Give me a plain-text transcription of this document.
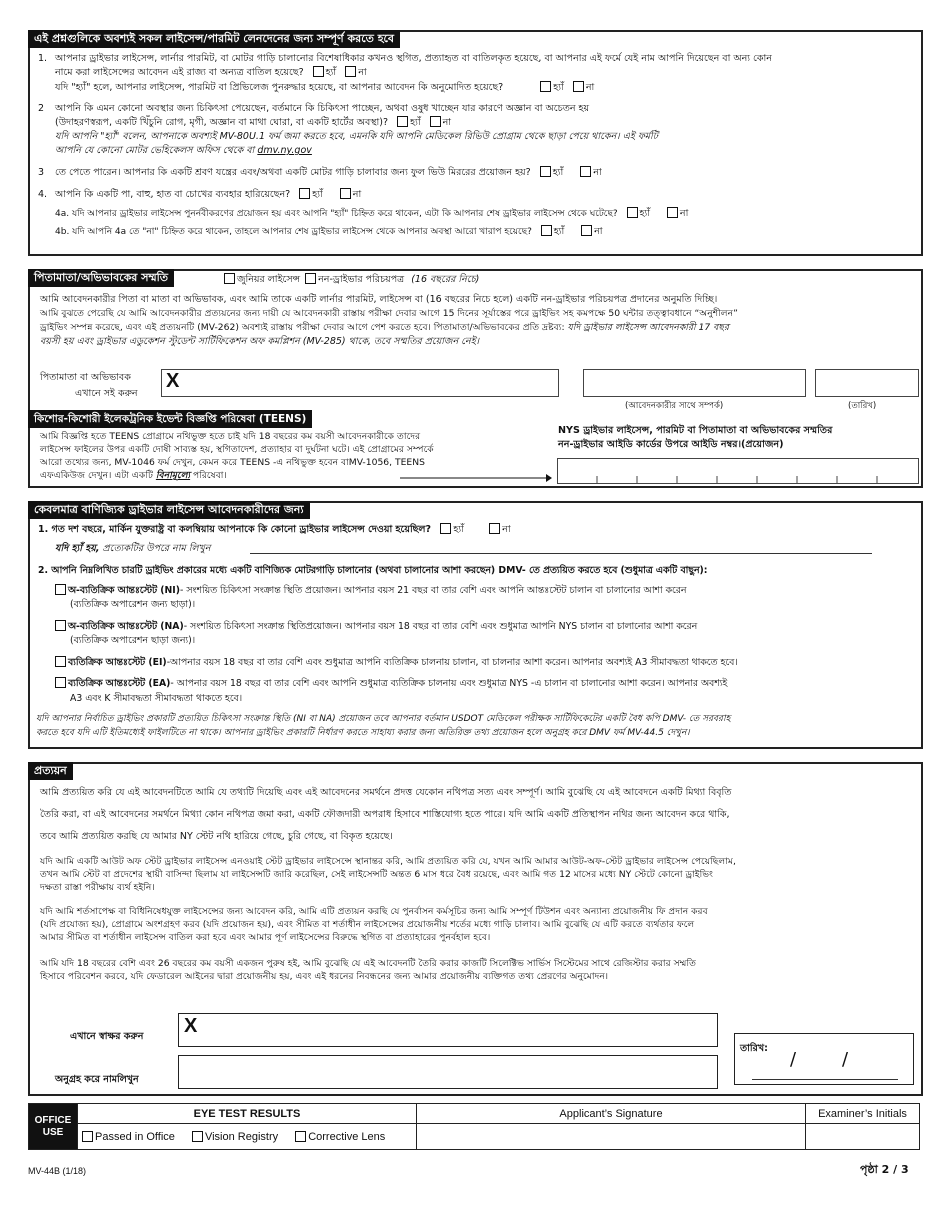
এই প্রশ্নগুলিকে অবশ্যই সকল লাইসেন্স/পারমিট লেনদেনের জন্য সম্পূর্ণ করতে হবে
1. আপনার ড্রাইভার লাইসেন্স, লার্নার পারমিট, বা মোটর গাড়ি চালানোর বিশেষাধিকার কখনও স্থগিত, প্রত্যাহৃত বা বাতিলকৃত হয়েছে, বা আপনার এই ফর্মে যেই নাম আপনি দিয়েছেন বা অন্য কোন
নামে করা লাইসেন্সের আবেদন এই রাজ্য বা অন্যত্র বাতিল হয়েছে? হ্যাঁ না
যদি "হ্যাঁ" হলে, আপনার লাইসেন্স, পারমিট বা প্রিভিলেজ পুনরুদ্ধার হয়েছে, বা আপনার আবেদন কি অনুমোদিত হয়েছে?	হ্যাঁ না
2 আপনি কি এমন কোনো অবস্থার জন্য চিকিৎসা পেয়েছেন, বর্তমানে কি চিকিৎসা পাচ্ছেন, অথবা ওষুধ খাচ্ছেন যার কারণে অজ্ঞান বা অচেতন হয়
(উদাহরণস্বরূপ, একটি খিঁচুনি রোগ, মৃগী, অজ্ঞান বা মাথা ঘোরা, বা একটি হার্টের অবস্থা)? হ্যাঁ না
যদি আপনি "হ্যাঁ" বলেন, আপনাকে অবশ্যই MV-80U.1 ফর্ম জমা করতে হবে, এমনকি যদি আপনি মেডিকেল রিভিউ প্রোগ্রাম থেকে ছাড়া পেয়ে থাকেন। এই ফর্মটি
আপনি যে কোনো মোটর ভেহিকেলস অফিস থেকে বা dmv.ny.gov
3 তে পেতে পারেন। আপনার কি একটি শ্রবণ যন্ত্রের এবং/অথবা একটি মোটর গাড়ি চালাবার জন্য ফুল ভিউ মিররের প্রয়োজন হয়? হ্যাঁ	না
4. আপনি কি একটি পা, বাহু, হাত বা চোখের ব্যবহার হারিয়েছেন? হ্যাঁ	না
4a. যদি আপনার ড্রাইভার লাইসেন্স পুনর্নবীকরণের প্রয়োজন হয় এবং আপনি "হ্যাঁ" চিহ্নিত করে থাকেন, এটা কি আপনার শেষ ড্রাইভার লাইসেন্স থেকে ঘটেছে? হ্যাঁ	না
4b. যদি আপনি 4a তে "না" চিহ্নিত করে থাকেন, তাহলে আপনার শেষ ড্রাইভার লাইসেন্স থেকে আপনার অবস্থা আরো খারাপ হয়েছে? হ্যাঁ	না
পিতামাতা/অভিভাবকের সম্মতি	জুনিয়র লাইসেন্স নন-ড্রাইভার পরিচয়পত্র (16 বছরের নিচে)
আমি আবেদনকারীর পিতা বা মাতা বা অভিভাবক, এবং আমি তাকে একটি লার্নার পারমিট, লাইসেন্স বা (16 বছরের নিচে হলে) একটি নন-ড্রাইভার পরিচয়পত্র প্রদানের অনুমতি দিচ্ছি।
আমি বুঝতে পেরেছি যে আমি আবেদনকারীর প্রত্যয়নের জন্য দায়ী যে আবেদনকারী রাস্তায় পরীক্ষা দেবার আগে 15 দিনের সূর্যাস্তের পরে ড্রাইভিং সহ কমপক্ষে 50 ঘন্টার তত্ত্বাবধানে “অনুশীলন”
ড্রাইভিং সম্পন্ন করেছে, এবং এই প্রত্যয়নটি (MV-262) অবশ্যই রাস্তায় পরীক্ষা দেবার আগে পেশ করতে হবে। পিতামাতা/অভিভাবকের প্রতি দ্রষ্টব্য: যদি ড্রাইভার লাইসেন্স আবেদনকারী 17 বছর
বয়সী হয় এবং ড্রাইভার এডুকেশন স্টুডেন্ট সার্টিফিকেশন অফ কমপ্লিশন (MV-285) থাকে, তবে সম্মতির প্রয়োজন নেই।
পিতামাতা বা অভিভাবক
এখানে সই করুন
X
(আবেদনকারীর সাথে সম্পর্ক)	(তারিখ)
কিশোর-কিশোরী ইলেকট্রনিক ইভেন্ট বিজ্ঞপ্তি পরিষেবা (TEENS)
আমি বিজ্ঞপ্তি হতে TEENS প্রোগ্রামে নথিভুক্ত হতে চাই যদি 18 বছরের কম বয়সী আবেদনকারীকে তাদের
লাইসেন্স ফাইলের উপর একটি দোষী সাব্যস্ত হয়, স্থগিতাদেশ, প্রত্যাহার বা দুর্ঘটনা ঘটে। এই প্রোগ্রামের সম্পর্কে
আরো তথ্যের জন্য, MV-1046 ফর্ম দেখুন, কেমন করে TEENS -এ নথিভুক্ত হবেন বাMV-1056, TEENS
এফএকিউজ দেখুন। এটা একটি বিনামূল্যে পরিষেবা।
NYS ড্রাইভার লাইসেন্স, পারমিট বা পিতামাতা বা অভিভাবকের সম্মতির
নন-ড্রাইভার আইডি কার্ডের উপরে আইডি নম্বর।(প্রয়োজন)
কেবলমাত্র বাণিজ্যিক ড্রাইভার লাইসেন্স আবেদনকারীদের জন্য
1. গত দশ বছরে, মার্কিন যুক্তরাষ্ট্র বা কলম্বিয়ায় আপনাকে কি কোনো ড্রাইভার লাইসেন্স দেওয়া হয়েছিল? হ্যাঁ	না
যদি হ্যাঁ হয়, প্রত্যেকটির উপরে নাম লিখুন
2. আপনি নিম্নলিখিত চারটি ড্রাইভিং প্রকারের মধ্যে একটি বাণিজ্যিক মোটরগাড়ি চালানোর (অথবা চালানোর আশা করছেন) DMV- তে প্রত্যয়িত করতে হবে (শুধুমাত্র একটি বাছুন):
অ-ব্যতিক্রিক আন্তঃস্টেট (NI)- সংশয়িত চিকিৎসা সংক্রান্ত স্থিতি প্রয়োজন। আপনার বয়স 21 বছর বা তার বেশি এবং আপনি আন্তঃস্টেট চালান বা চালানোর আশা করেন
(ব্যতিক্রিক অপারেশন জন্য ছাড়া)।
অ-ব্যতিক্রিক আন্তঃস্টেট (NA)- সংশয়িত চিকিৎসা সংক্রান্ত স্থিতিপ্রয়োজন। আপনার বয়স 18 বছর বা তার বেশি এবং শুধুমাত্র আপনি NYS চালান বা চালানোর আশা করেন
(ব্যতিক্রিক অপারেশন ছাড়া জন্য)।
ব্যতিক্রিক আন্তঃস্টেট (EI)-আপনার বয়স 18 বছর বা তার বেশি এবং শুধুমাত্র আপনি ব্যতিক্রিক চালনায় চালান, বা চালনার আশা করেন। আপনার অবশ্যই A3 সীমাবদ্ধতা থাকতে হবে।
ব্যতিক্রিক আন্তঃস্টেট (EA)- আপনার বয়স 18 বছর বা তার বেশি এবং আপনি শুধুমাত্র ব্যতিক্রিক চালনায় এবং শুধুমাত্র NYS -এ চালান বা চালানোর আশা করেন। আপনার অবশ্যই
A3 এবং K সীমাবদ্ধতা সীমাবদ্ধতা থাকতে হবে।
যদি আপনার নির্বাচিত ড্রাইভিং প্রকারটি প্রত্যয়িত চিকিৎসা সংক্রান্ত স্থিতি (NI বা NA) প্রয়োজন তবে আপনার বর্তমান USDOT মেডিকেল পরীক্ষক সার্টিফিকেটের একটি বৈধ কপি DMV- তে সরবরাহ
করতে হবে যদি এটি ইতিমধ্যেই ফাইলটিতে না থাকে। আপনার ড্রাইভিং প্রকারটি নির্ধারণ করতে সাহায্য করার জন্য অতিরিক্ত তথ্য প্রয়োজন হলে অনুগ্রহ করে DMV ফর্ম MV-44.5 দেখুন।
প্রত্যয়ন
আমি প্রত্যয়িত করি যে এই আবেদনটিতে আমি যে তথ্যটি দিয়েছি এবং এই আবেদনের সমর্থনে প্রদত্ত যেকোন নথিপত্র সত্য এবং সম্পূর্ণ। আমি বুঝেছি যে এই আবেদনে একটি মিথ্যা বিবৃতি
তৈরি করা, বা এই আবেদনের সমর্থনে মিথ্যা কোন নথিপত্র জমা করা, একটি ফৌজদারী অপরাধ হিসাবে শাস্তিযোগ্য হতে পারে। যদি আমি একটি প্রতিস্থাপন নথির জন্য আবেদন করে থাকি,
তবে আমি প্রত্যয়িত করছি যে আমার NY স্টেট নথি হারিয়ে গেছে, চুরি গেছে, বা বিকৃত হয়েছে।
যদি আমি একটি আউট অফ স্টেট ড্রাইভার লাইসেন্স এনওয়াই স্টেট ড্রাইভার লাইসেন্সে স্থানান্তর করি, আমি প্রত্যয়িত করি যে, যখন আমি আমার আউট-অফ-স্টেট ড্রাইভার লাইসেন্স পেয়েছিলাম,
তখন আমি স্টেট বা প্রদেশের স্থায়ী বাসিন্দা ছিলাম যা লাইসেন্সটি জারি করেছিল, সেই লাইসেন্সটি অন্তত 6 মাস ধরে বৈধ রয়েছে, এবং আমি গত 12 মাসের মধ্যে NY স্টেটে কোনো ড্রাইভিং
দক্ষতা রাস্তা পরীক্ষায় ব্যর্থ হইনি।
যদি আমি শর্তসাপেক্ষ বা বিধিনিষেধযুক্ত লাইসেন্সের জন্য আবেদন করি, আমি এটি প্রত্যয়ন করছি যে পুনর্বাসন কর্মসূচির জন্য আমি সম্পূর্ণ টিউশন এবং অন্যান্য প্রয়োজনীয় ফি প্রদান করব
(যদি প্রযোজ্য হয়), প্রোগ্রামে অংশগ্রহণ করব (যদি প্রয়োজন হয়), এবং সীমিত বা শর্তাধীন লাইসেন্সের প্রয়োজনীয় শর্তের মধ্যে গাড়ি চালাব। আমি বুঝেছি যে এটি করতে ব্যর্থতার ফলে
আমার সীমিত বা শর্তাধীন লাইসেন্স বাতিল করা হবে এবং আমার পূর্ণ লাইসেন্সের বিরুদ্ধে স্থগিত বা প্রত্যাহারের পুনর্বহাল হবে।
আমি যদি 18 বছরের বেশি এবং 26 বছরের কম বয়সী একজন পুরুষ হই, আমি বুঝেছি যে এই আবেদনটি তৈরি করার কাজটি সিলেক্টিভ সার্ভিস সিস্টেমের সাথে রেজিস্টার করার সম্মতি
হিসাবে পরিবেশন করবে, যদি ফেডারেল আইনের দ্বারা প্রয়োজনীয় হয়, এবং এই ধরনের নিবন্ধনের জন্য আমার প্রয়োজনীয় ব্যক্তিগত তথ্য প্রেরণের অনুমোদন।
এখানে স্বাক্ষর করুন X
অনুগ্রহ করে নামলিখুন
তারিখ:
/	/
OFFICE
USE	EYE TEST RESULTS	Applicant’s Signature	Examiner’s Initials
	Passed in Office Vision Registry Corrective Lens		
MV-44B (1/18)	পৃষ্ঠা 2 / 3
